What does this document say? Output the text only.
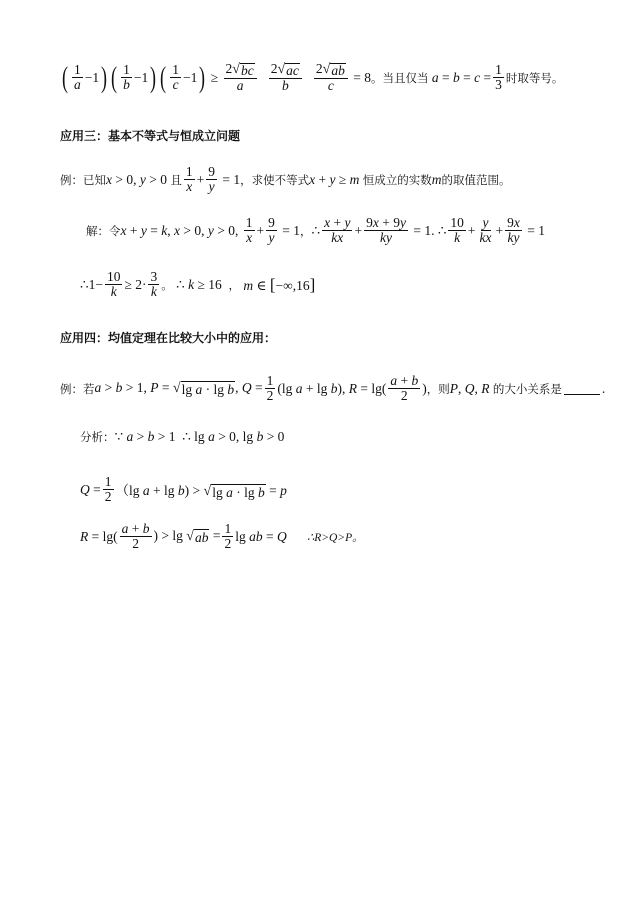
( $\frac{1}{a} -1$ ) ( $\frac{1}{b} -1$ ) ( $\frac{1}{c} -1$ ) ≥ $\frac{2 √ bc}{a} \frac{2 √ ac}{b} \frac{2 √ ab}{c} = 8$ 。当且仅当 $a = b = c = \frac{1}{3}$ 时取等号。
应用三：基本不等式与恒成立问题
例：已知 x > 0, y > 0 且 $\frac{1}{x} + \frac{9}{y} = 1$ ，求使不等式 x + y ≥ m 恒成立的实数 m 的取值范围。
解：令 x + y = k, x > 0, y > 0, $\frac{1}{x} + \frac{9}{y} = 1$ ， ∴ $\frac{x + y}{kx} + \frac{9x + 9y}{ky} = 1$. ∴ $\frac{10}{k} + \frac{y}{kx} + \frac{9x}{ky} = 1$
∴1− $\frac{10}{k} \ge 2\cdot \frac{3}{k}$ 。 ∴ k ≥ 16 ， m ∈ [−∞,16]
应用四：均值定理在比较大小中的应用：
例：若 a > b > 1, P = √ lg a · lg b , $Q = \frac{1}{2} (\lg$ a + lg b), $R = \lg( \frac{a + b}{2}$ ) ，则 P, Q, R 的大小关系是	.
分析： ∵ a > b > 1  ∴ lg a > 0, lg b > 0
$Q = \frac{1}{2} (\lg$ a + lg b) > √ lg a · lg b = p
$R = \lg( \frac{a + b}{2}$ ) > lg √ ab = $\frac{1}{2}$ lg ab = Q	∴R>Q>P。
